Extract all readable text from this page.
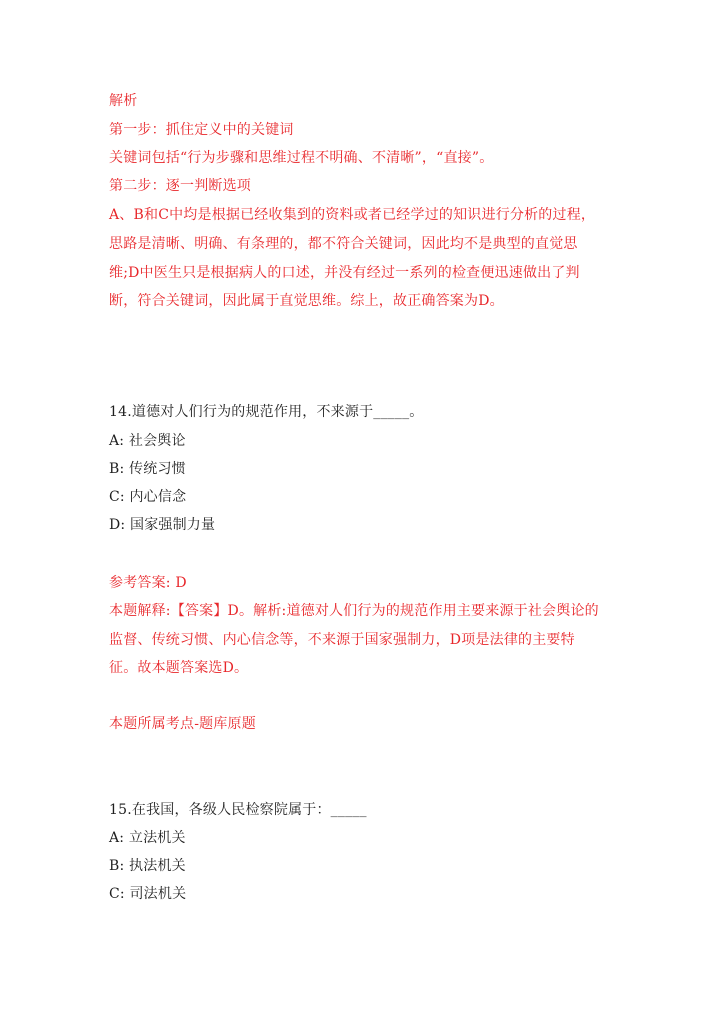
解析
第一步：抓住定义中的关键词
关键词包括“行为步骤和思维过程不明确、不清晰”，“直接”。
第二步：逐一判断选项
A、B和C中均是根据已经收集到的资料或者已经学过的知识进行分析的过程，
思路是清晰、明确、有条理的，都不符合关键词，因此均不是典型的直觉思
维;D中医生只是根据病人的口述，并没有经过一系列的检查便迅速做出了判
断，符合关键词，因此属于直觉思维。综上，故正确答案为D。
14.道德对人们行为的规范作用，不来源于_____。
A: 社会舆论
B: 传统习惯
C: 内心信念
D: 国家强制力量
参考答案: D
本题解释:【答案】D。解析:道德对人们行为的规范作用主要来源于社会舆论的
监督、传统习惯、内心信念等，不来源于国家强制力，D项是法律的主要特
征。故本题答案选D。
本题所属考点-题库原题
15.在我国，各级人民检察院属于：_____
A: 立法机关
B: 执法机关
C: 司法机关
